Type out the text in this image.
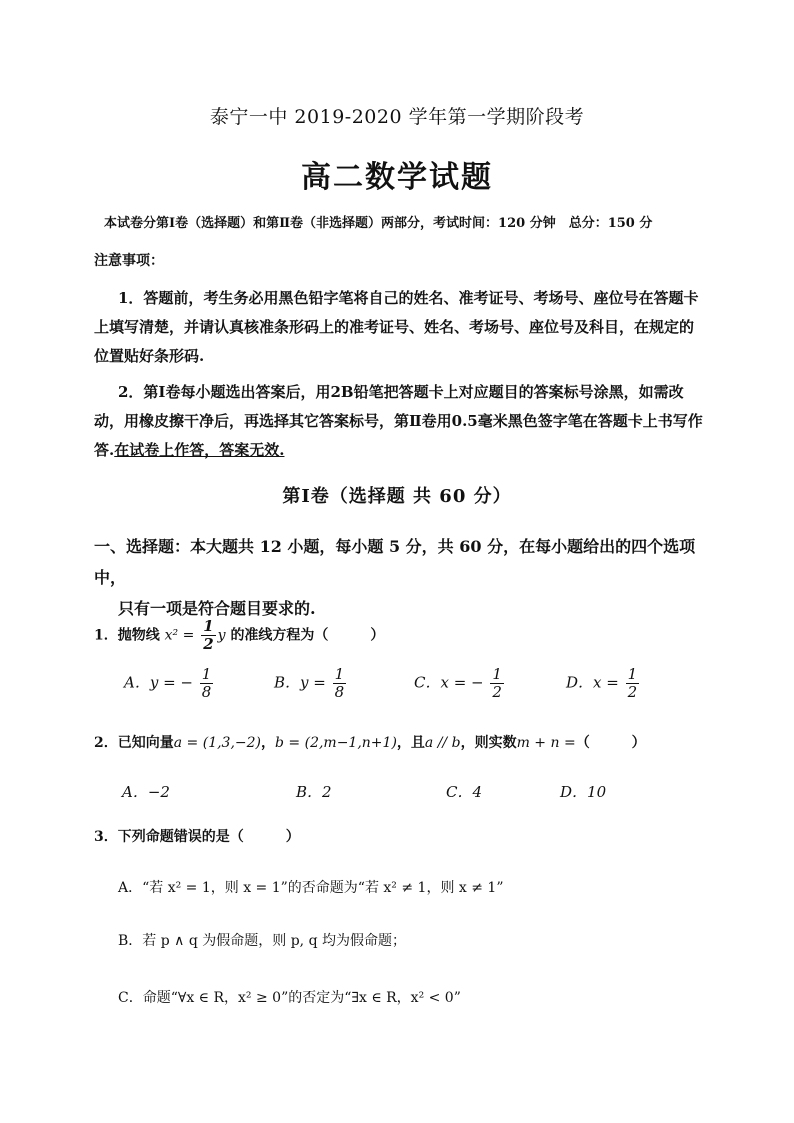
泰宁一中 2019-2020 学年第一学期阶段考
高二数学试题
本试卷分第Ⅰ卷（选择题）和第Ⅱ卷（非选择题）两部分，考试时间：120 分钟　总分：150 分
注意事项：
1．答题前，考生务必用黑色铅字笔将自己的姓名、准考证号、考场号、座位号在答题卡上填写清楚，并请认真核准条形码上的准考证号、姓名、考场号、座位号及科目，在规定的位置贴好条形码.
2．第Ⅰ卷每小题选出答案后，用2B铅笔把答题卡上对应题目的答案标号涂黑，如需改动，用橡皮擦干净后，再选择其它答案标号，第Ⅱ卷用0.5毫米黑色签字笔在答题卡上书写作答.在试卷上作答，答案无效.
第Ⅰ卷（选择题 共 60 分）
一、选择题：本大题共 12 小题，每小题 5 分，共 60 分，在每小题给出的四个选项中，
只有一项是符合题目要求的.
1．抛物线 $x^2 = \frac{1}{2}$ y 的准线方程为（　　　）
A．y = − $\frac{1}{8}$	B．$y = \frac{1}{8}$	C．x = − $\frac{1}{2}$	D．$x = \frac{1}{2}$
2．已知向量a = (1,3,−2)，b = (2,m−1,n+1)，且a // b，则实数m + n =（　　　）
A．−2	B．2	C．4	D．10
3．下列命题错误的是（　　　）
A．“若 x² = 1，则 x = 1”的否命题为“若 x² ≠ 1，则 x ≠ 1”
B．若 p ∧ q 为假命题，则 p, q 均为假命题；
C．命题“∀x ∈ R，x² ≥ 0”的否定为“∃x ∈ R，x² < 0”
